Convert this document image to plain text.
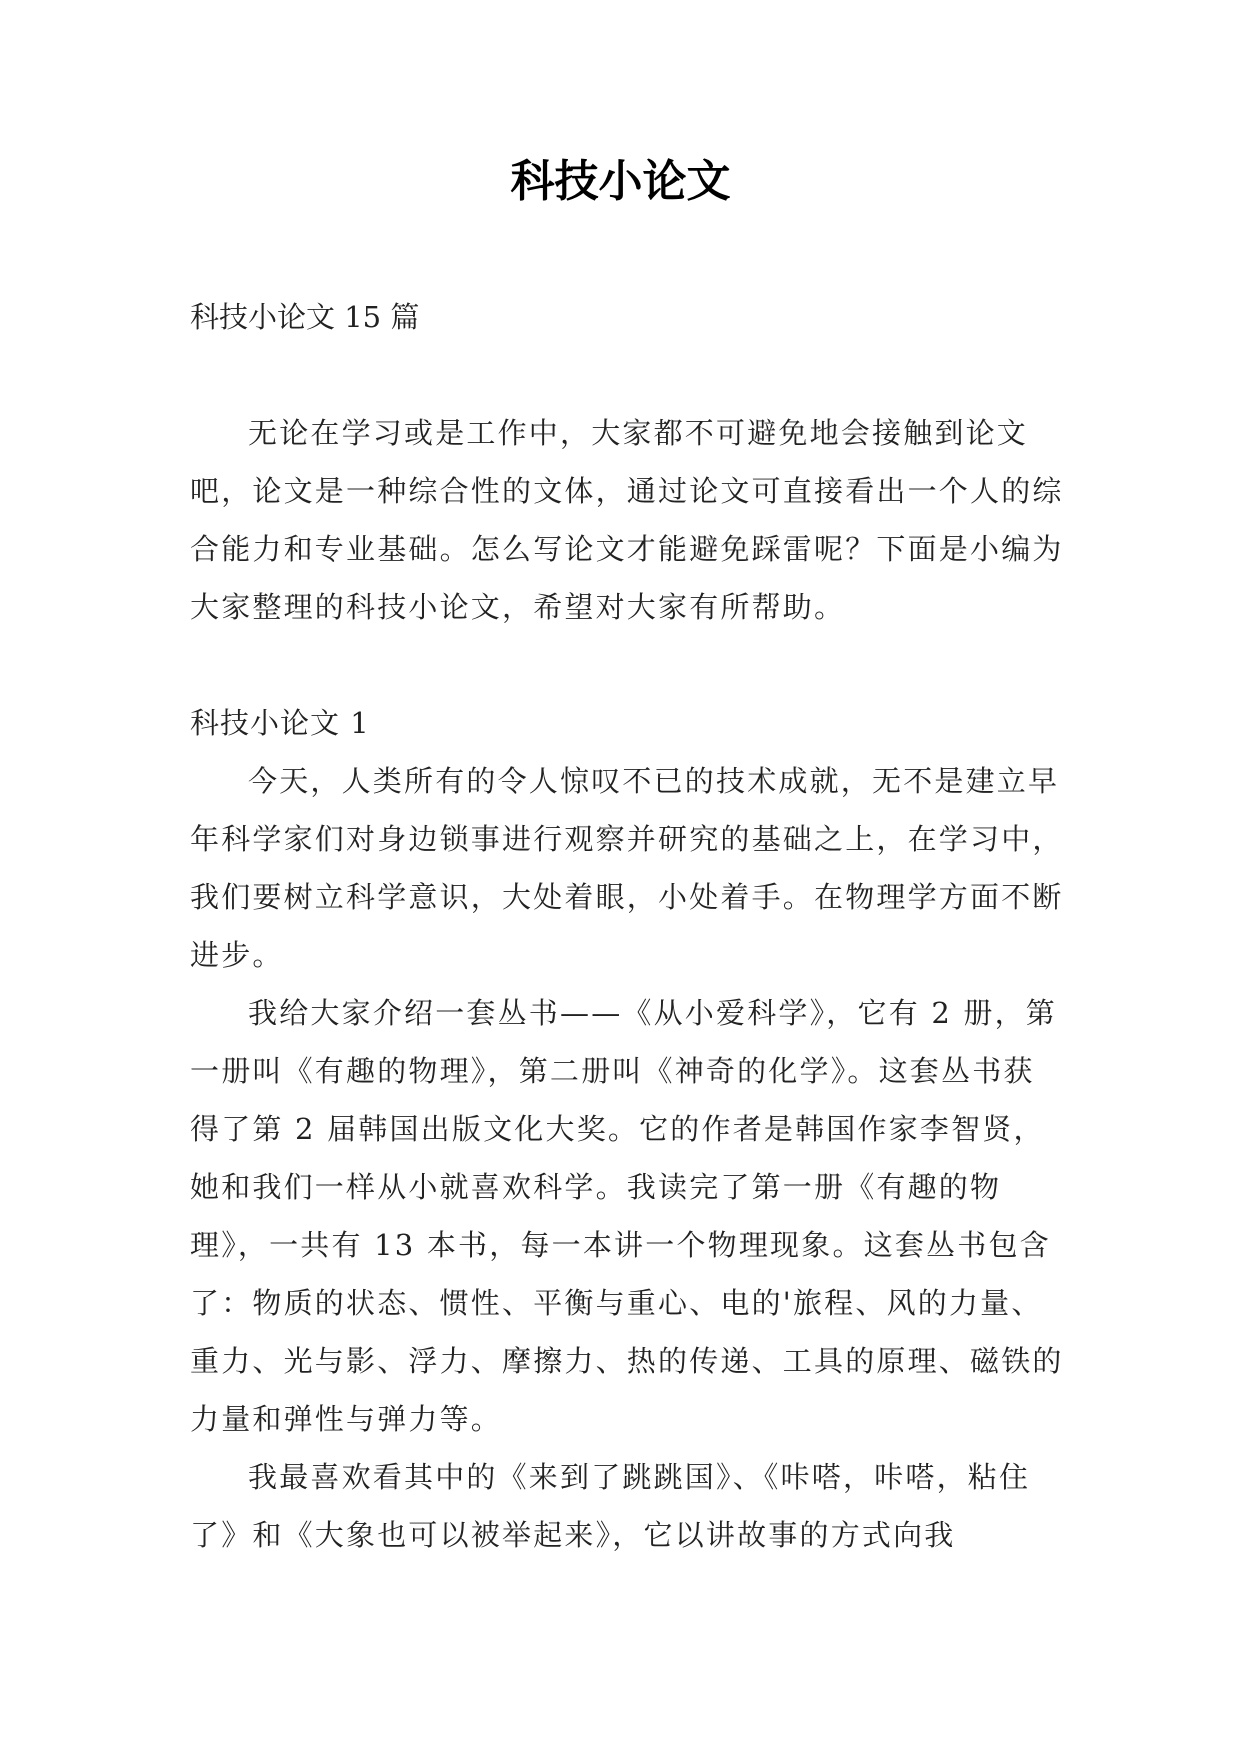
科技小论文

科技小论文 15 篇

无论在学习或是工作中，大家都不可避免地会接触到论文吧，论文是一种综合性的文体，通过论文可直接看出一个人的综合能力和专业基础。怎么写论文才能避免踩雷呢？下面是小编为大家整理的科技小论文，希望对大家有所帮助。

科技小论文 1

今天，人类所有的令人惊叹不已的技术成就，无不是建立早年科学家们对身边锁事进行观察并研究的基础之上，在学习中，我们要树立科学意识，大处着眼，小处着手。在物理学方面不断进步。

我给大家介绍一套丛书——《从小爱科学》，它有 2 册，第一册叫《有趣的物理》，第二册叫《神奇的化学》。这套丛书获得了第 2 届韩国出版文化大奖。它的作者是韩国作家李智贤，她和我们一样从小就喜欢科学。我读完了第一册《有趣的物理》，一共有 13 本书，每一本讲一个物理现象。这套丛书包含了：物质的状态、惯性、平衡与重心、电的'旅程、风的力量、重力、光与影、浮力、摩擦力、热的传递、工具的原理、磁铁的力量和弹性与弹力等。

我最喜欢看其中的《来到了跳跳国》、《咔嗒，咔嗒，粘住了》和《大象也可以被举起来》，它以讲故事的方式向我
